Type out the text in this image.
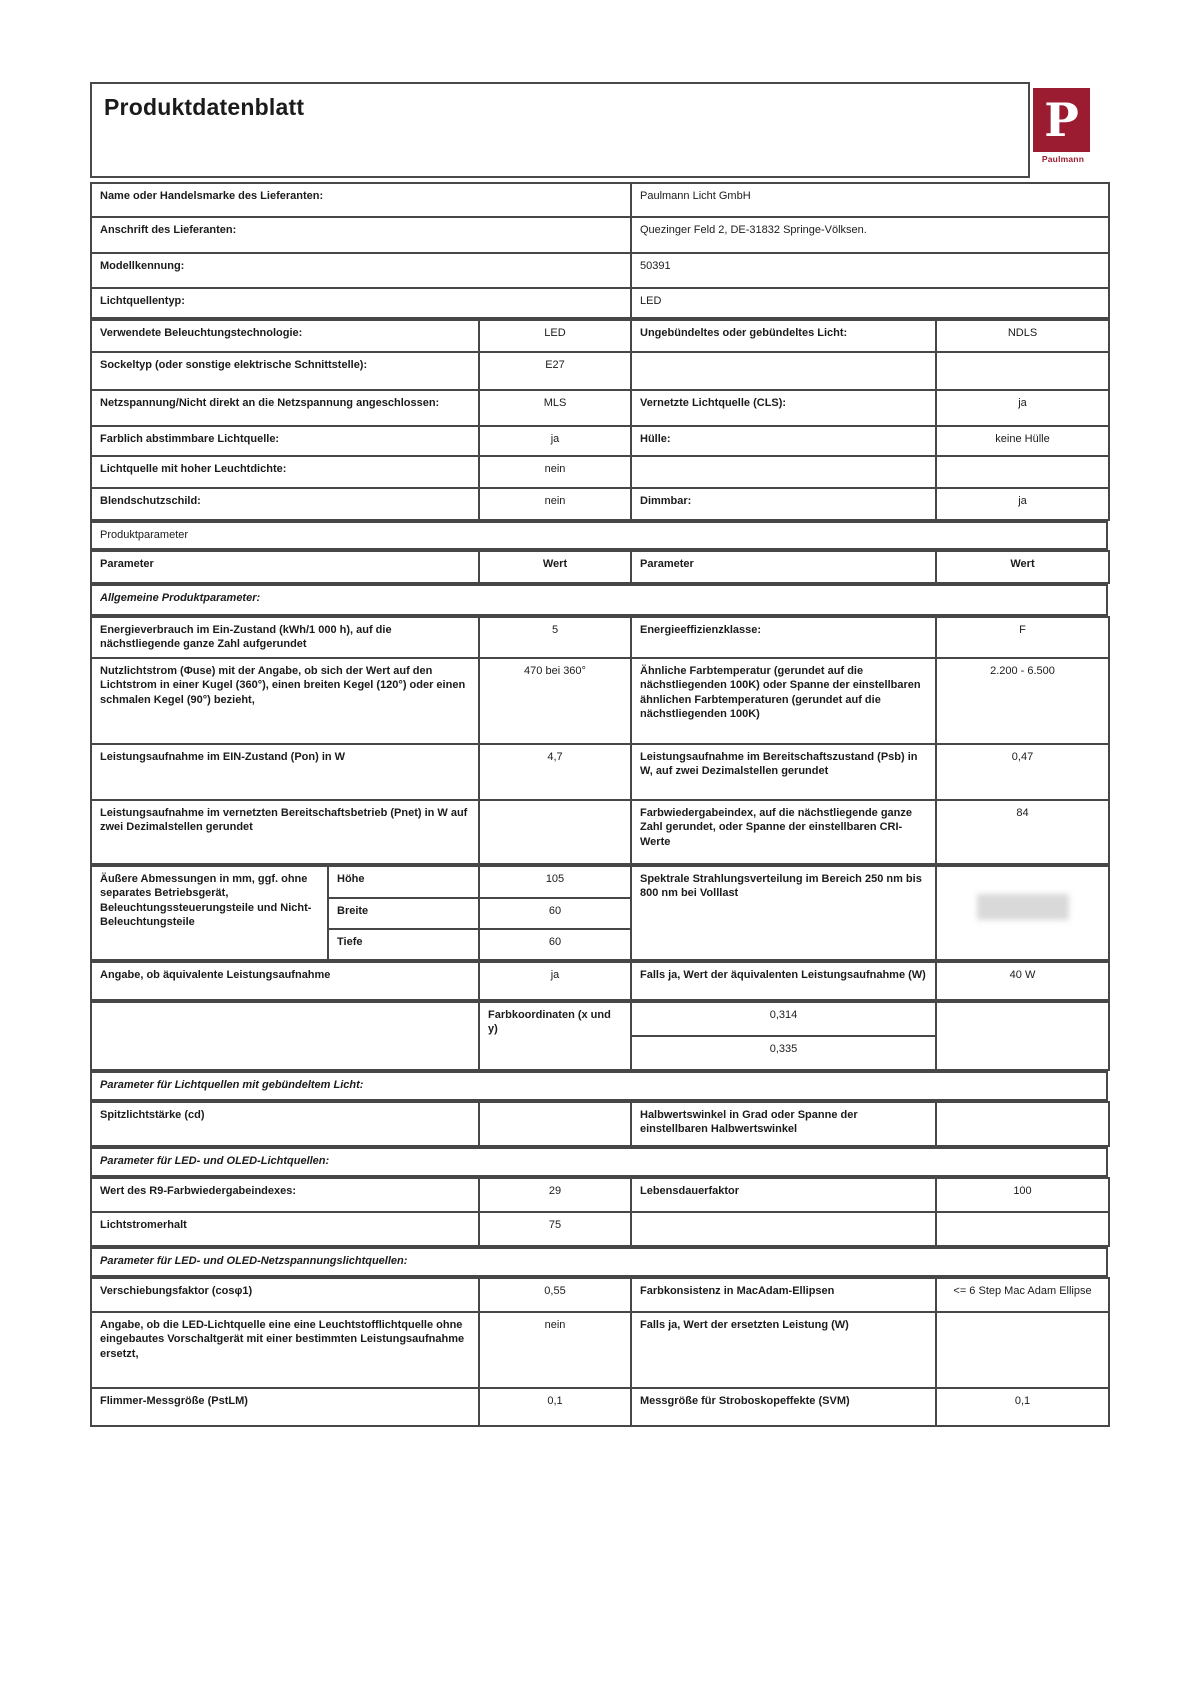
Produktdatenblatt	P
Paulmann
Name oder Handelsmarke des Lieferanten:	Paulmann Licht GmbH
Anschrift des Lieferanten:	Quezinger Feld 2, DE-31832 Springe-Völksen.
Modellkennung:	50391
Lichtquellentyp:	LED
Verwendete Beleuchtungstechnologie:	LED	Ungebündeltes oder gebündeltes Licht:	NDLS
Sockeltyp (oder sonstige elektrische Schnittstelle):	E27		
Netzspannung/Nicht direkt an die Netzspannung angeschlossen:	MLS	Vernetzte Lichtquelle (CLS):	ja
Farblich abstimmbare Lichtquelle:	ja	Hülle:	keine Hülle
Lichtquelle mit hoher Leuchtdichte:	nein		
Blendschutzschild:	nein	Dimmbar:	ja
Produktparameter
Parameter	Wert	Parameter	Wert
Allgemeine Produktparameter:
Energieverbrauch im Ein-Zustand (kWh/1 000 h), auf die nächstliegende ganze Zahl aufgerundet	5	Energieeffizienzklasse:	F
Nutzlichtstrom (Φuse) mit der Angabe, ob sich der Wert auf den Lichtstrom in einer Kugel (360°), einen breiten Kegel (120°) oder einen schmalen Kegel (90°) bezieht,	470 bei 360°	Ähnliche Farbtemperatur (gerundet auf die nächstliegenden 100K) oder Spanne der einstellbaren ähnlichen Farbtemperaturen (gerundet auf die nächstliegenden 100K)	2.200 - 6.500
Leistungsaufnahme im EIN-Zustand (Pon) in W	4,7	Leistungsaufnahme im Bereitschaftszustand (Psb) in W, auf zwei Dezimalstellen gerundet	0,47
Leistungsaufnahme im vernetzten Bereitschaftsbetrieb (Pnet) in W auf zwei Dezimalstellen gerundet		Farbwiedergabeindex, auf die nächstliegende ganze Zahl gerundet, oder Spanne der einstellbaren CRI-Werte	84
Äußere Abmessungen in mm, ggf. ohne separates Betriebsgerät, Beleuchtungssteuerungsteile und Nicht-Beleuchtungsteile	Höhe	105	Spektrale Strahlungsverteilung im Bereich 250 nm bis 800 nm bei Volllast	

	Breite	60		
	Tiefe	60		
Angabe, ob äquivalente Leistungsaufnahme	ja	Falls ja, Wert der äquivalenten Leistungsaufnahme (W)	40 W
	Farbkoordinaten (x und y)	0,314	
0,335
Parameter für Lichtquellen mit gebündeltem Licht:
Spitzlichtstärke (cd)		Halbwertswinkel in Grad oder Spanne der einstellbaren Halbwertswinkel	
Parameter für LED- und OLED-Lichtquellen:
Wert des R9-Farbwiedergabeindexes:	29	Lebensdauerfaktor	100
Lichtstromerhalt	75		
Parameter für LED- und OLED-Netzspannungslichtquellen:
Verschiebungsfaktor (cosφ1)	0,55	Farbkonsistenz in MacAdam-Ellipsen	<= 6 Step Mac Adam Ellipse
Angabe, ob die LED-Lichtquelle eine eine Leuchtstofflichtquelle ohne eingebautes Vorschaltgerät mit einer bestimmten Leistungsaufnahme ersetzt,	nein	Falls ja, Wert der ersetzten Leistung (W)	
Flimmer-Messgröße (PstLM)	0,1	Messgröße für Stroboskopeffekte (SVM)	0,1
